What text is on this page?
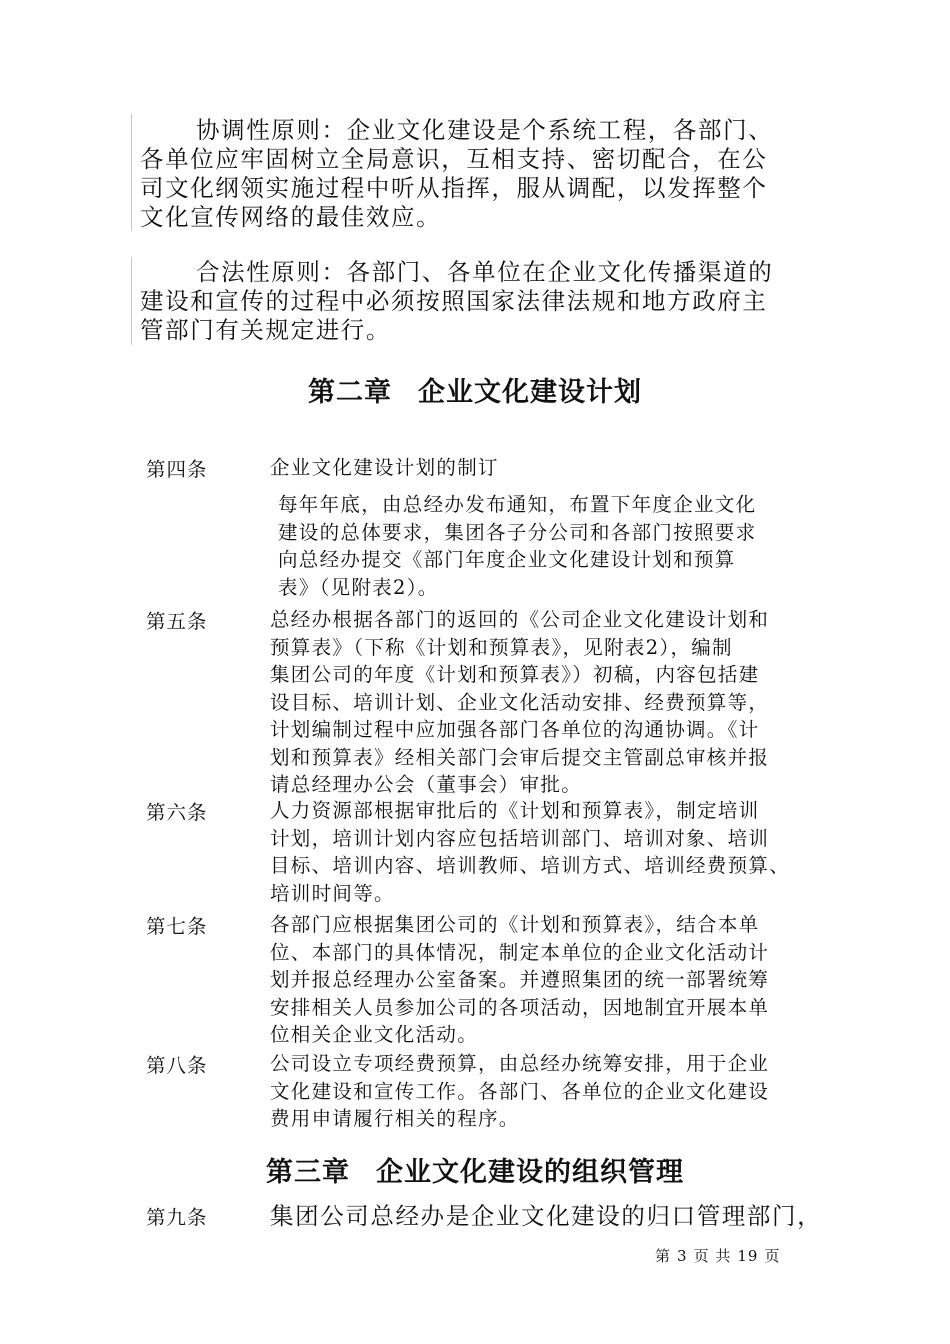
协调性原则：企业文化建设是个系统工程，各部门、
各单位应牢固树立全局意识，互相支持、密切配合，在公
司文化纲领实施过程中听从指挥，服从调配，以发挥整个
文化宣传网络的最佳效应。
合法性原则：各部门、各单位在企业文化传播渠道的
建设和宣传的过程中必须按照国家法律法规和地方政府主
管部门有关规定进行。
第二章 企业文化建设计划
第四条	企业文化建设计划的制订
每年年底，由总经办发布通知，布置下年度企业文化
建设的总体要求，集团各子分公司和各部门按照要求
向总经办提交《部门年度企业文化建设计划和预算
表》（见附表2）。
第五条	总经办根据各部门的返回的《公司企业文化建设计划和
预算表》（下称《计划和预算表》，见附表2），编制
集团公司的年度《计划和预算表》）初稿，内容包括建
设目标、培训计划、企业文化活动安排、经费预算等，
计划编制过程中应加强各部门各单位的沟通协调。《计
划和预算表》经相关部门会审后提交主管副总审核并报
请总经理办公会（董事会）审批。
第六条	人力资源部根据审批后的《计划和预算表》，制定培训
计划，培训计划内容应包括培训部门、培训对象、培训
目标、培训内容、培训教师、培训方式、培训经费预算、
培训时间等。
第七条	各部门应根据集团公司的《计划和预算表》，结合本单
位、本部门的具体情况，制定本单位的企业文化活动计
划并报总经理办公室备案。并遵照集团的统一部署统筹
安排相关人员参加公司的各项活动，因地制宜开展本单
位相关企业文化活动。
第八条	公司设立专项经费预算，由总经办统筹安排，用于企业
文化建设和宣传工作。各部门、各单位的企业文化建设
费用申请履行相关的程序。
第三章 企业文化建设的组织管理
第九条	集团公司总经办是企业文化建设的归口管理部门，
第 3 页 共 19 页
